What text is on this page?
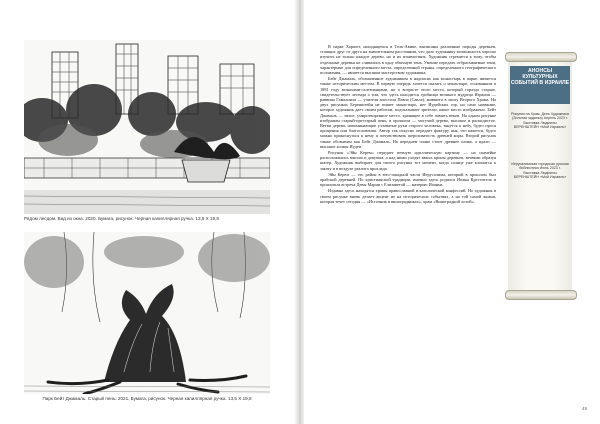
Рядом лесдом. Вид из окна. 2020. Бумага, рисунок. Черная капиллярная ручка. 13,5 X 19,8
Парк Бейт Джамаль. Старый пень. 2021. Бумага, рисунок. Черная капиллярная ручка. 13,5 X 19,8

В парке Хоршет, находящемся в Тель-Авиве, выписаны различные породы деревьев, стоящих друг от друга на значительном расстоянии, что дало художнику возможность хорошо изучить не только каждое дерево, но и их взаимосвязь. Художник стремится к тому, чтобы отдельные деревья не сливались в одну обычную тень. Умение передать отбрасываемые тени, характерные для определенного места, определенной страны, определенного географического положения, — является высшим мастерством художника.

Бейт Джамаль, обозначенное художником в надписях как монастырь в парке, является также историческим местом. В первую очередь хочется сказать о монастыре, основанном в 1881 году монахами-салезианцами, но о возрасте этого места, который гораздо старше, свидетельствует легенда о том, что здесь находится гробница великого мудреца Израиля — раввина Гамалиила — учителя апостола Павла (Савла), жившего в эпоху Второго Храма. На двух рисунках Беренштейн не пишет монастырь, нет Иудейских гор, но само название, которое художник дает своим работам, подсказывает зрителю, какое место изображено. Бейт Джамаль — тихое, умиротворенное место, хранящее в себе память веков. На одном рисунке изображен старый-престарый пень, в прошлом — могучий дерево, высокое и раскидистое. Ветви дерева, напоминающие узловатые руки старого человека, тянутся к небу, будто прося прощения или благословения. Автор так искусно передает фактуру пня, что кажется, будто можно прикоснуться к нему и почувствовать шероховатость древней коры. Второй рисунок также обозначен как Бейт Джамаль. На переднем плане стоит древнее олива, а вдали — высокие холмы Иудеи.

Рисунок «Эйн Керем» передает вечную идиллическую картину — на скамейке расположились юноша и девушка, а над ними уходят ввысь кроны деревьев, ветвями образуя шатер. Художник выбирает для своего рисунка тот момент, когда солнце уже клонится к закату и в воздухе разлита прохлада.

Эйн Керем — это район в юго-западной части Иерусалима, который в прошлом был арабской деревней. По христианской традиции, именно здесь родился Иоанн Креститель и произошла встреча Девы Марии с Елизаветой — матерью Иоанна.

Издавна здесь находятся храмы православной и католической конфессий. Но художник в своем рисунке вновь делает акцент не на исторических событиях, а на той самой жизни, которая течет сегодня — «Источник в виноградниках», храм «Виноградной лозой».

АНОНСЫ КУЛЬТУРНЫХ СОБЫТИЙ В ИЗРАИЛЕ
Рисунки на Храм, День Художника (Золотая заданья) Апрель 2023 г. Выставка Людмилы БЕРЕНШТЕЙН «Мой Израиль»
Иерусалимская городская русская библиотека Июнь 2023 г. Выставка Людмилы БЕРЕНШТЕЙН «Мой Израиль»
49
